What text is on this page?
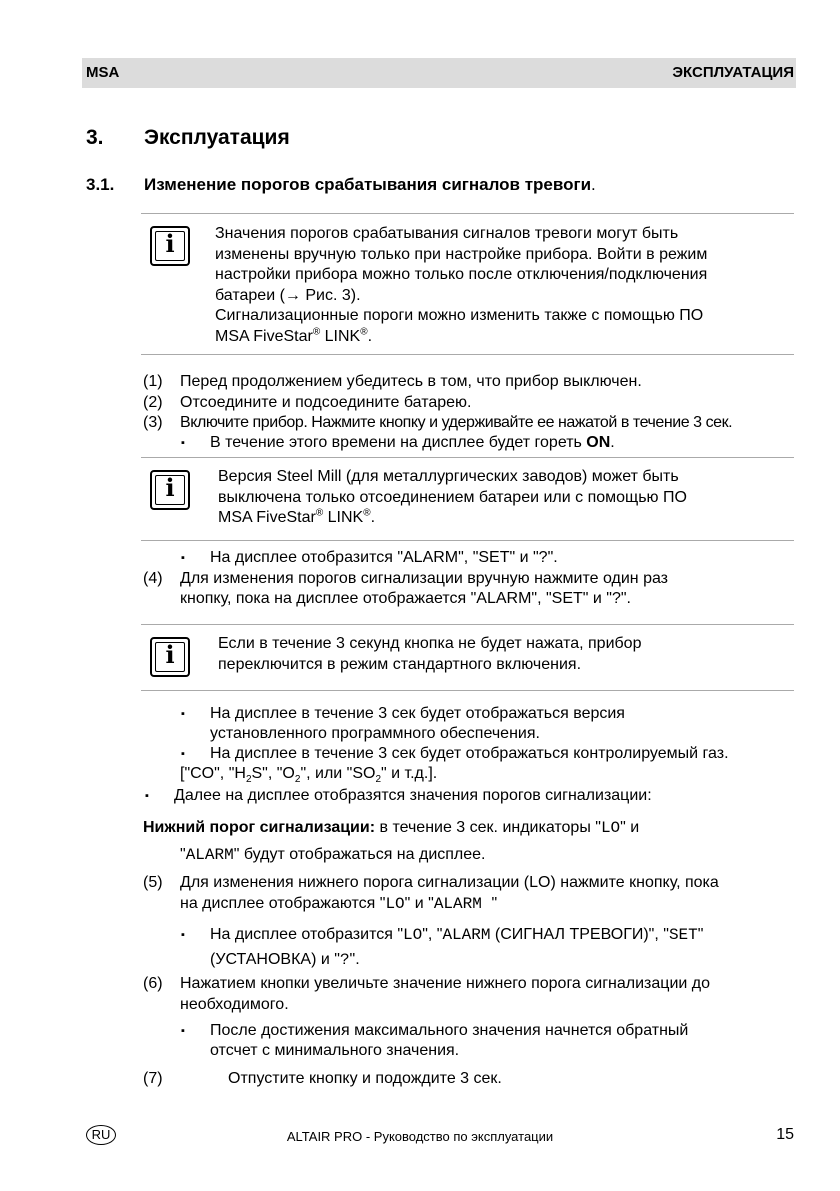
MSA	ЭКСПЛУАТАЦИЯ
3. Эксплуатация
3.1. Изменение порогов срабатывания сигналов тревоги.
i	Значения порогов срабатывания сигналов тревоги могут быть
изменены вручную только при настройке прибора. Войти в режим
настройки прибора можно только после отключения/подключения
батареи (→ Рис. 3).
Сигнализационные пороги можно изменить также с помощью ПО
MSA FiveStar® LINK®.
(1) Перед продолжением убедитесь в том, что прибор выключен.
(2) Отсоедините и подсоедините батарею.
(3) Включите прибор. Нажмите кнопку и удерживайте ее нажатой в течение 3 сек.
▪ В течение этого времени на дисплее будет гореть ON.
i	Версия Steel Mill (для металлургических заводов) может быть
выключена только отсоединением батареи или с помощью ПО
MSA FiveStar® LINK®.
▪ На дисплее отобразится "ALARM", "SET" и "?".
(4) Для изменения порогов сигнализации вручную нажмите один раз
кнопку, пока на дисплее отображается "ALARM", "SET" и "?".
i	Если в течение 3 секунд кнопка не будет нажата, прибор
переключится в режим стандартного включения.
▪ На дисплее в течение 3 сек будет отображаться версия
установленного программного обеспечения.
▪ На дисплее в течение 3 сек будет отображаться контролируемый газ.
["CO", "$H_2S$", "$O_2$", или "$SO_2$" и т.д.].
▪ Далее на дисплее отобразятся значения порогов сигнализации:
Нижний порог сигнализации: в течение 3 сек. индикаторы "LO" и
"ALARM" будут отображаться на дисплее.
(5) Для изменения нижнего порога сигнализации (LO) нажмите кнопку, пока
на дисплее отображаются "LO" и "ALARM "
▪ На дисплее отобразится "LO", "ALARM (СИГНАЛ ТРЕВОГИ)", "SET"
(УСТАНОВКА) и "?".
(6) Нажатием кнопки увеличьте значение нижнего порога сигнализации до
необходимого.
▪ После достижения максимального значения начнется обратный
отсчет с минимального значения.
(7)	Отпустите кнопку и подождите 3 сек.
RU	ALTAIR PRO - Руководство по эксплуатации	15
